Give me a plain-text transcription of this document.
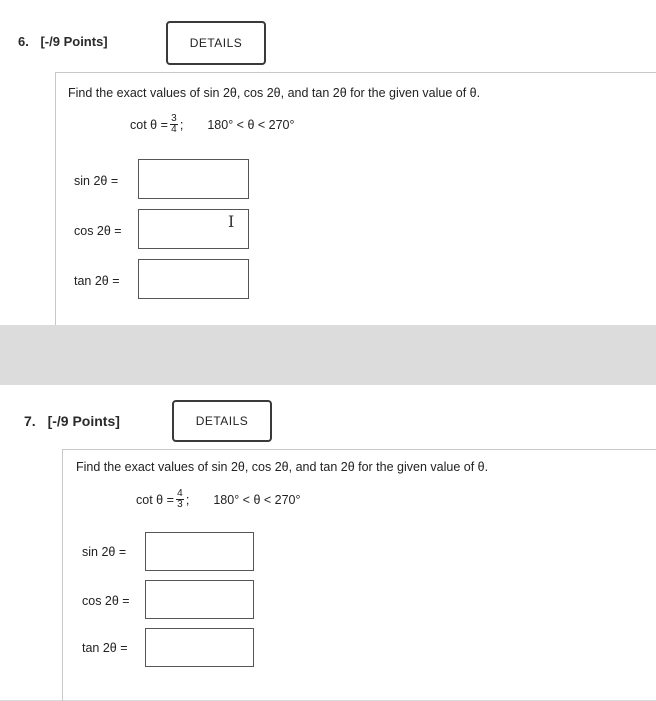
6. [-/9 Points]	DETAILS
Find the exact values of sin 2θ, cos 2θ, and tan 2θ for the given value of θ.
$\cot \theta = \frac{3}{4}$ ; 180° < θ < 270°
sin 2θ =
cos 2θ =	I
tan 2θ =
7. [-/9 Points]	DETAILS
Find the exact values of sin 2θ, cos 2θ, and tan 2θ for the given value of θ.
$\cot \theta = \frac{4}{3}$ ; 180° < θ < 270°
sin 2θ =
cos 2θ =
tan 2θ =
